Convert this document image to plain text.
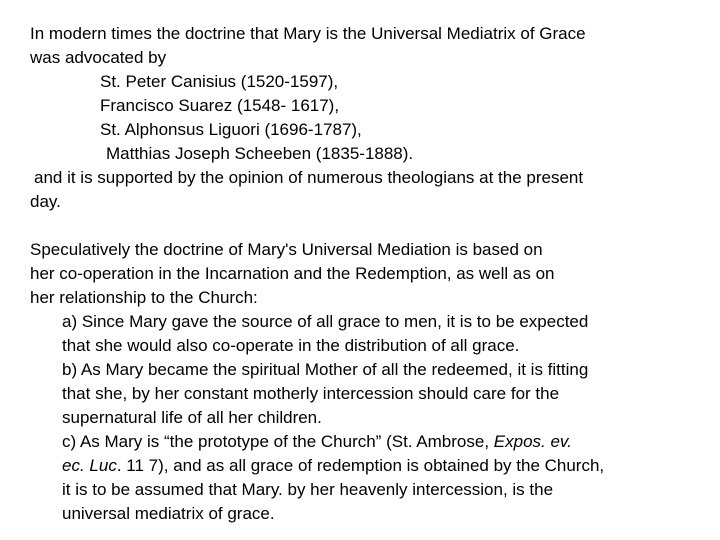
In modern times the doctrine that Mary is the Universal Mediatrix of Grace
was advocated by
St. Peter Canisius (1520-1597),
Francisco Suarez (1548- 1617),
St. Alphonsus Liguori (1696-1787),
Matthias Joseph Scheeben (1835-1888).
and it is supported by the opinion of numerous theologians at the present
day.
Speculatively the doctrine of Mary's Universal Mediation is based on
her co-operation in the Incarnation and the Redemption, as well as on
her relationship to the Church:
a) Since Mary gave the source of all grace to men, it is to be expected
that she would also co-operate in the distribution of all grace.
b) As Mary became the spiritual Mother of all the redeemed, it is fitting
that she, by her constant motherly intercession should care for the
supernatural life of all her children.
c) As Mary is “the prototype of the Church” (St. Ambrose, Expos. ev.
ec. Luc. 11 7), and as all grace of redemption is obtained by the Church,
it is to be assumed that Mary. by her heavenly intercession, is the
universal mediatrix of grace.
